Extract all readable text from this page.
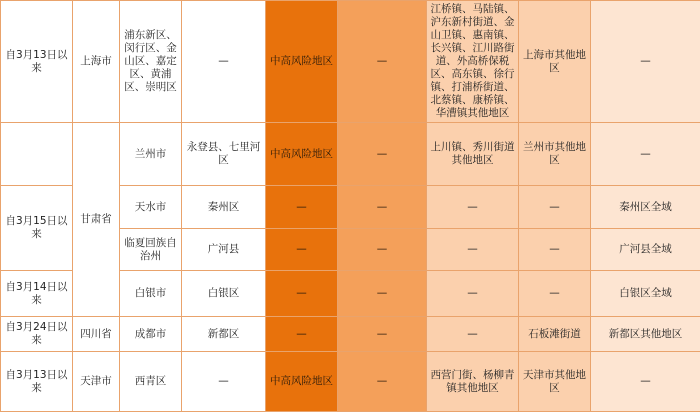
自3月13日以来	上海市	浦东新区、闵行区、金山区、嘉定区、黄浦区、崇明区	—	中高风险地区	—	江桥镇、马陆镇、沪东新村街道、金山卫镇、惠南镇、长兴镇、江川路街道、外高桥保税区、高东镇、徐行镇、打浦桥街道、北蔡镇、康桥镇、华漕镇其他地区	上海市其他地区	—
	甘肃省	兰州市	永登县、七里河区	中高风险地区	—	上川镇、秀川街道其他地区	兰州市其他地区	—
自3月15日以来		天水市	秦州区	—	—	—	—	秦州区全域
		临夏回族自治州	广河县	—	—	—	—	广河县全域
自3月14日以来		白银市	白银区	—	—	—	—	白银区全域
自3月24日以来	四川省	成都市	新都区	—	—	—	石板滩街道	新都区其他地区
自3月13日以来	天津市	西青区	—	中高风险地区	—	西营门街、杨柳青镇其他地区	天津市其他地区	—
